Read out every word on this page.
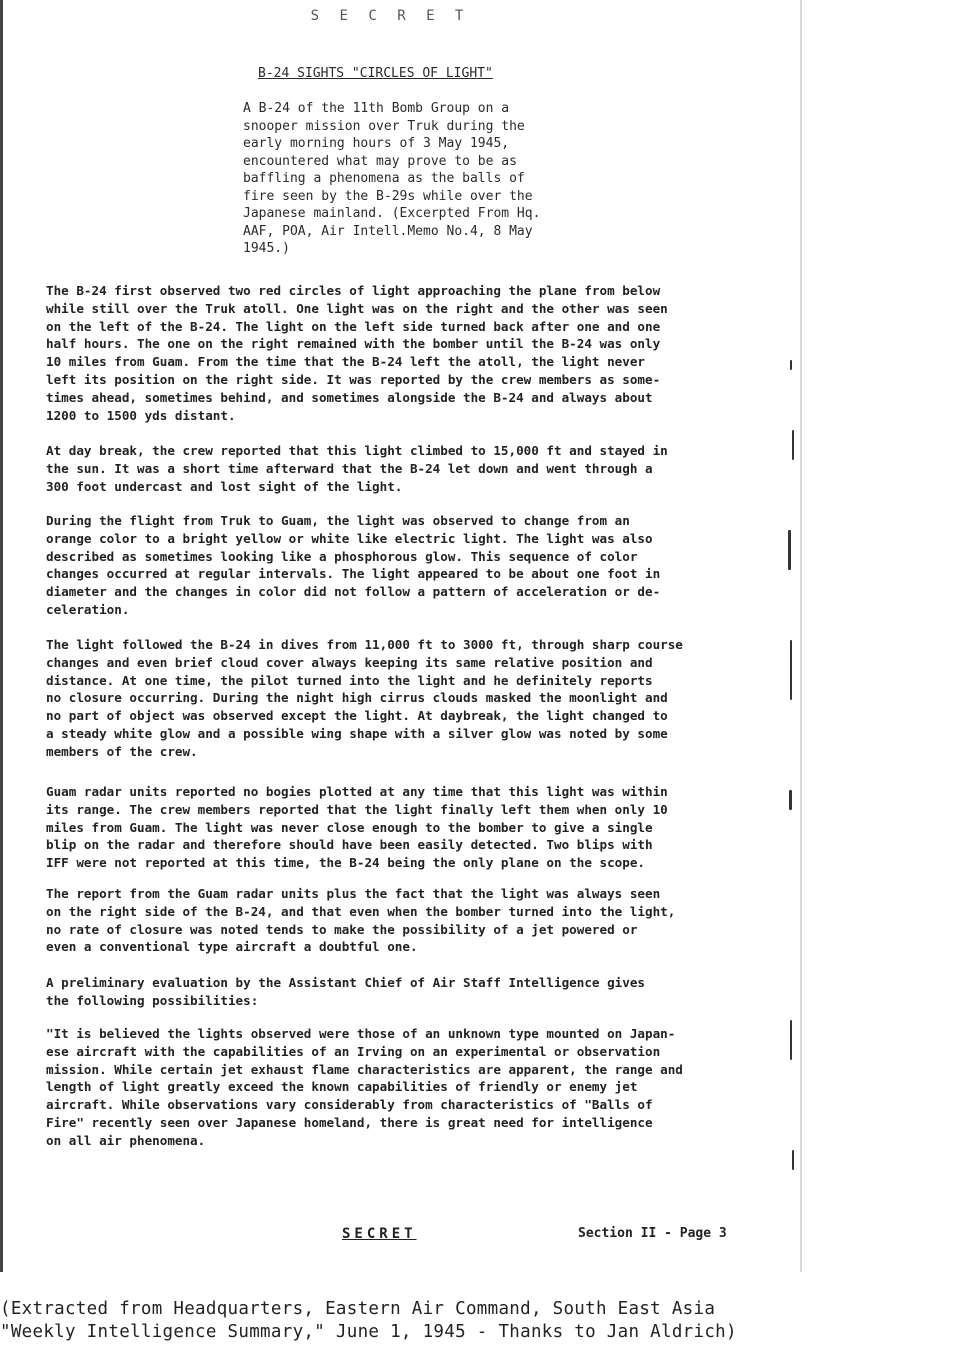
S E C R E T
B-24 SIGHTS "CIRCLES OF LIGHT"
A B-24 of the 11th Bomb Group on a
snooper mission over Truk during the
early morning hours of 3 May 1945,
encountered what may prove to be as
baffling a phenomena as the balls of
fire seen by the B-29s while over the
Japanese mainland. (Excerpted From Hq.
AAF, POA, Air Intell.Memo No.4, 8 May
1945.)
The B-24 first observed two red circles of light approaching the plane from below
while still over the Truk atoll. One light was on the right and the other was seen
on the left of the B-24. The light on the left side turned back after one and one
half hours. The one on the right remained with the bomber until the B-24 was only
10 miles from Guam. From the time that the B-24 left the atoll, the light never
left its position on the right side. It was reported by the crew members as some-
times ahead, sometimes behind, and sometimes alongside the B-24 and always about
1200 to 1500 yds distant.
At day break, the crew reported that this light climbed to 15,000 ft and stayed in
the sun. It was a short time afterward that the B-24 let down and went through a
300 foot undercast and lost sight of the light.
During the flight from Truk to Guam, the light was observed to change from an
orange color to a bright yellow or white like electric light. The light was also
described as sometimes looking like a phosphorous glow. This sequence of color
changes occurred at regular intervals. The light appeared to be about one foot in
diameter and the changes in color did not follow a pattern of acceleration or de-
celeration.
The light followed the B-24 in dives from 11,000 ft to 3000 ft, through sharp course
changes and even brief cloud cover always keeping its same relative position and
distance. At one time, the pilot turned into the light and he definitely reports
no closure occurring. During the night high cirrus clouds masked the moonlight and
no part of object was observed except the light. At daybreak, the light changed to
a steady white glow and a possible wing shape with a silver glow was noted by some
members of the crew.
Guam radar units reported no bogies plotted at any time that this light was within
its range. The crew members reported that the light finally left them when only 10
miles from Guam. The light was never close enough to the bomber to give a single
blip on the radar and therefore should have been easily detected. Two blips with
IFF were not reported at this time, the B-24 being the only plane on the scope.
The report from the Guam radar units plus the fact that the light was always seen
on the right side of the B-24, and that even when the bomber turned into the light,
no rate of closure was noted tends to make the possibility of a jet powered or
even a conventional type aircraft a doubtful one.
A preliminary evaluation by the Assistant Chief of Air Staff Intelligence gives
the following possibilities:
"It is believed the lights observed were those of an unknown type mounted on Japan-
ese aircraft with the capabilities of an Irving on an experimental or observation
mission. While certain jet exhaust flame characteristics are apparent, the range and
length of light greatly exceed the known capabilities of friendly or enemy jet
aircraft. While observations vary considerably from characteristics of "Balls of
Fire" recently seen over Japanese homeland, there is great need for intelligence
on all air phenomena.
SECRET	Section II - Page 3
(Extracted from Headquarters, Eastern Air Command, South East Asia
"Weekly Intelligence Summary," June 1, 1945 - Thanks to Jan Aldrich)
